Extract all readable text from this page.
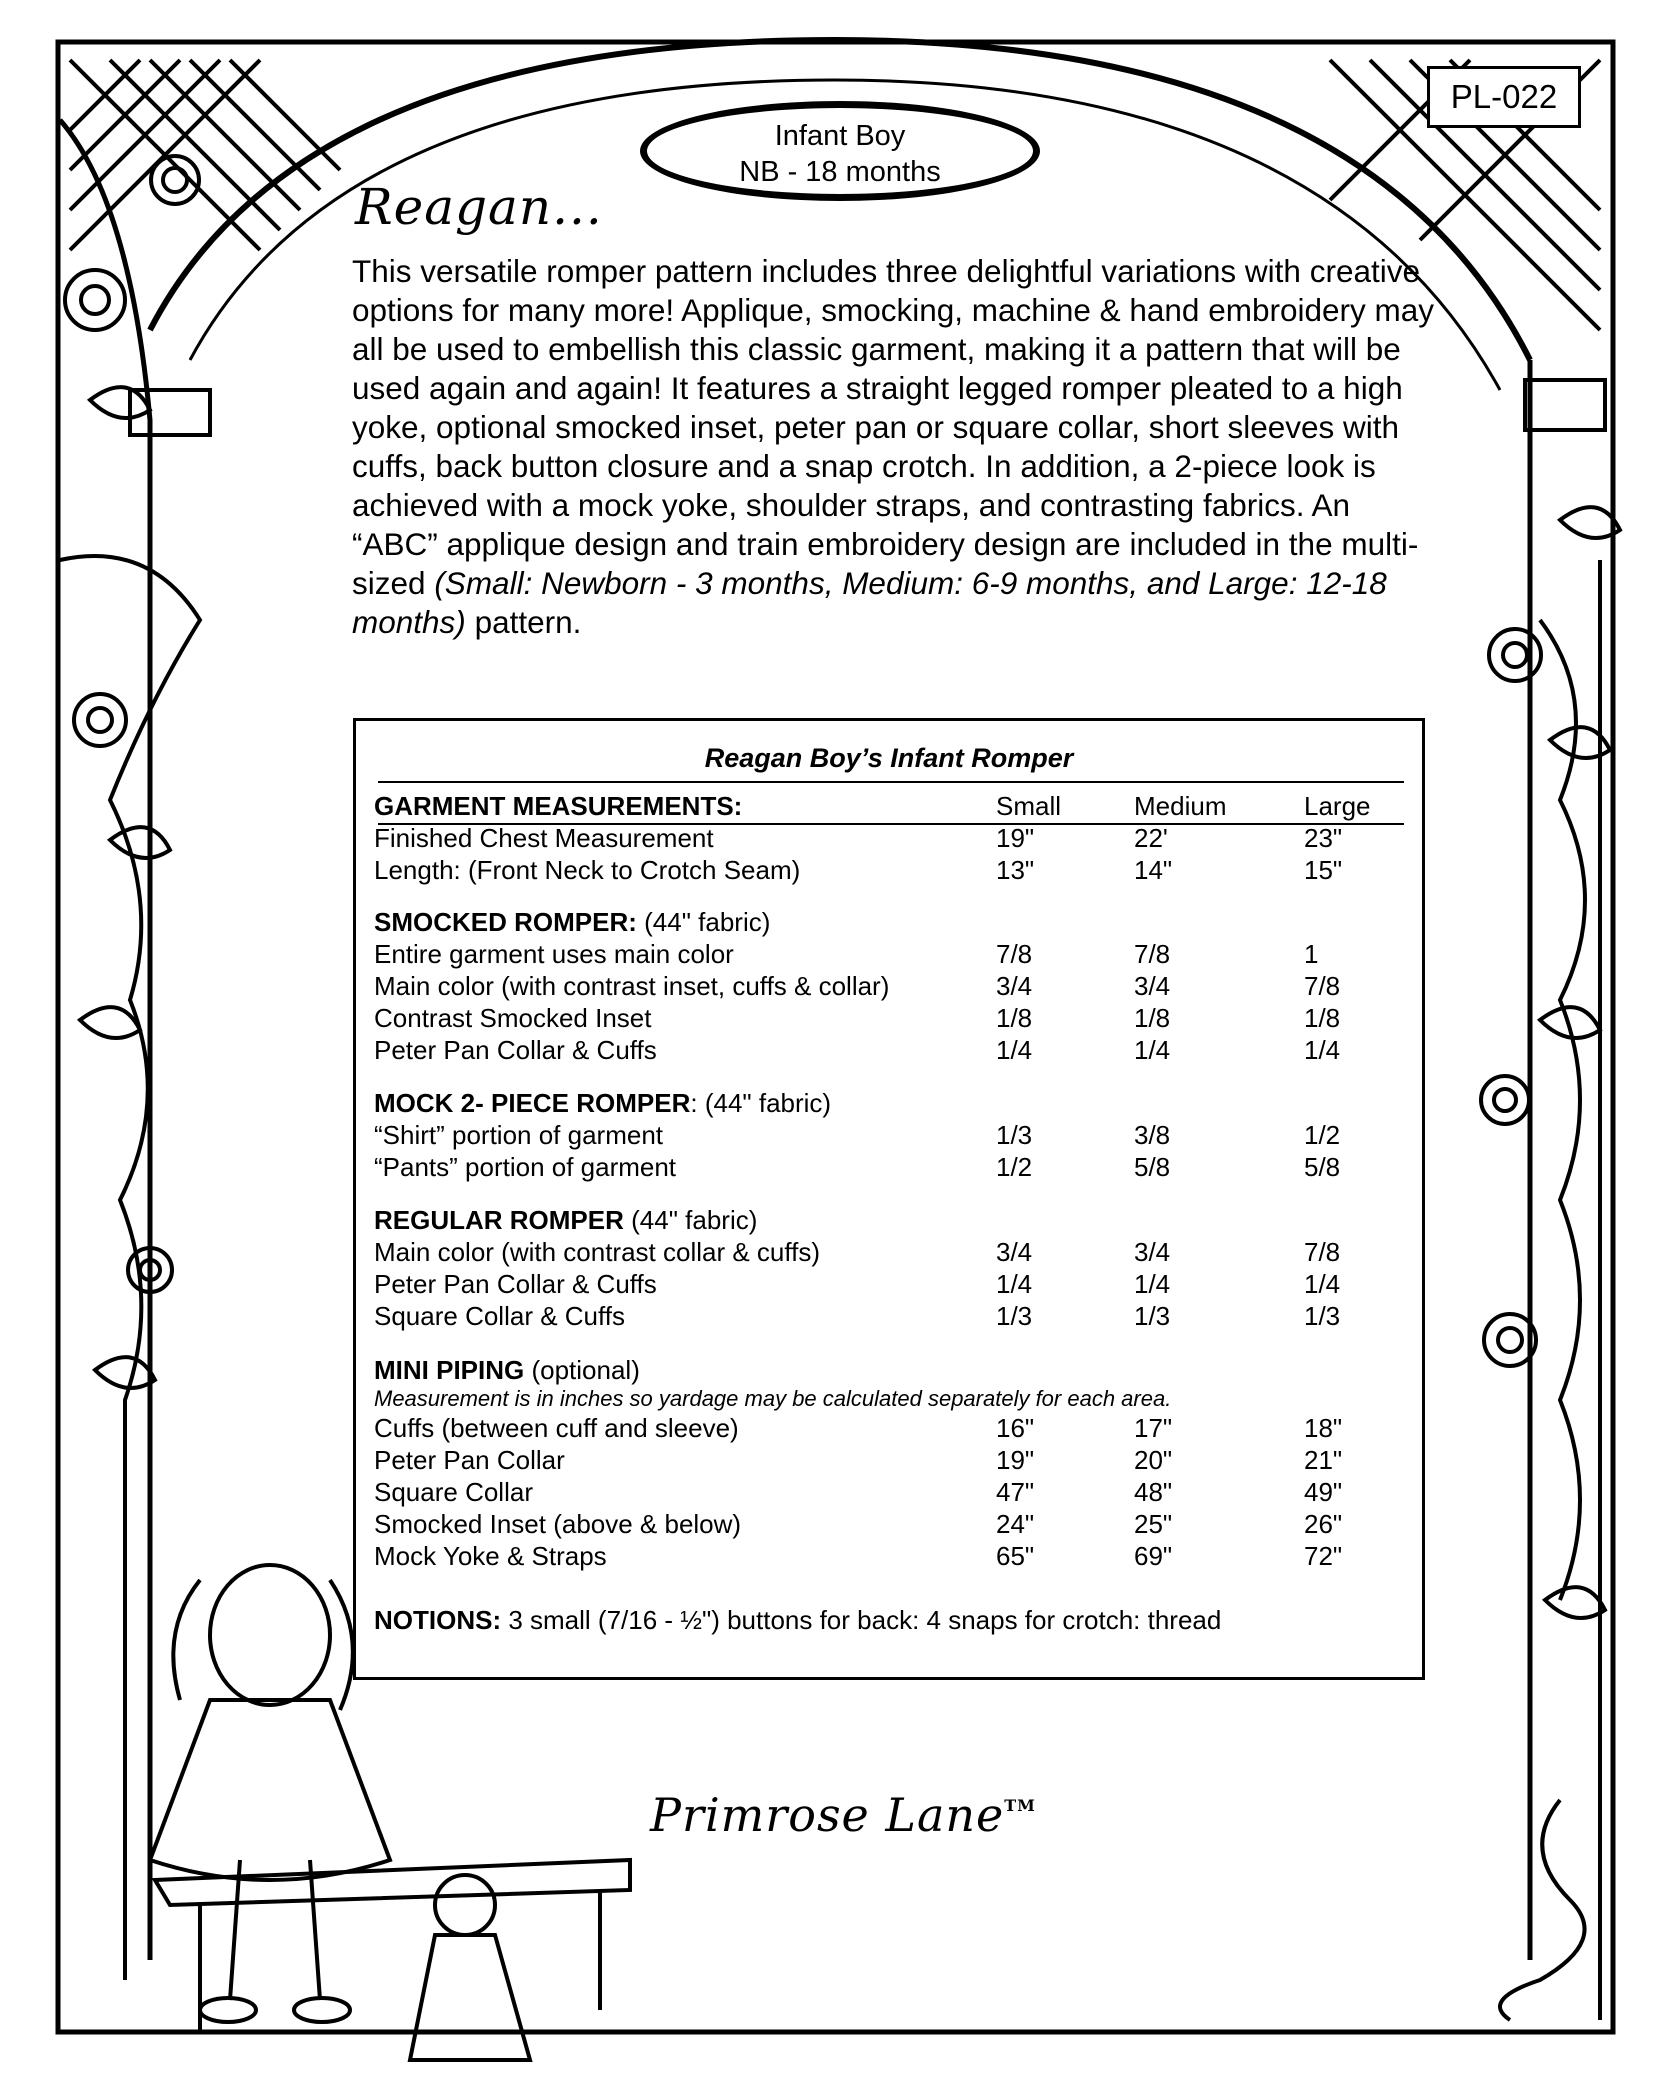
PL-022
Infant Boy
NB - 18 months
Reagan...

This versatile romper pattern includes three delightful variations with creative options for many more! Applique, smocking, machine & hand embroidery may all be used to embellish this classic garment, making it a pattern that will be used again and again! It features a straight legged romper pleated to a high yoke, optional smocked inset, peter pan or square collar, short sleeves with cuffs, back button closure and a snap crotch. In addition, a 2-piece look is achieved with a mock yoke, shoulder straps, and contrasting fabrics. An “ABC” applique design and train embroidery design are included in the multi-sized (Small: Newborn - 3 months, Medium: 6-9 months, and Large: 12-18 months) pattern.

Reagan Boy’s Infant Romper
GARMENT MEASUREMENTS:	Small	Medium	Large
Finished Chest Measurement	19"	22'	23"
Length: (Front Neck to Crotch Seam)	13"	14"	15"
SMOCKED ROMPER: (44" fabric)
Entire garment uses main color	7/8	7/8	1
Main color (with contrast inset, cuffs & collar)	3/4	3/4	7/8
Contrast Smocked Inset	1/8	1/8	1/8
Peter Pan Collar & Cuffs	1/4	1/4	1/4
MOCK 2- PIECE ROMPER: (44" fabric)
“Shirt” portion of garment	1/3	3/8	1/2
“Pants” portion of garment	1/2	5/8	5/8
REGULAR ROMPER (44" fabric)
Main color (with contrast collar & cuffs)	3/4	3/4	7/8
Peter Pan Collar & Cuffs	1/4	1/4	1/4
Square Collar & Cuffs	1/3	1/3	1/3
MINI PIPING (optional)
Measurement is in inches so yardage may be calculated separately for each area.
Cuffs (between cuff and sleeve)	16"	17"	18"
Peter Pan Collar	19"	20"	21"
Square Collar	47"	48"	49"
Smocked Inset (above & below)	24"	25"	26"
Mock Yoke & Straps	65"	69"	72"
NOTIONS: 3 small (7/16 - ½") buttons for back: 4 snaps for crotch: thread
Primrose Lane™
